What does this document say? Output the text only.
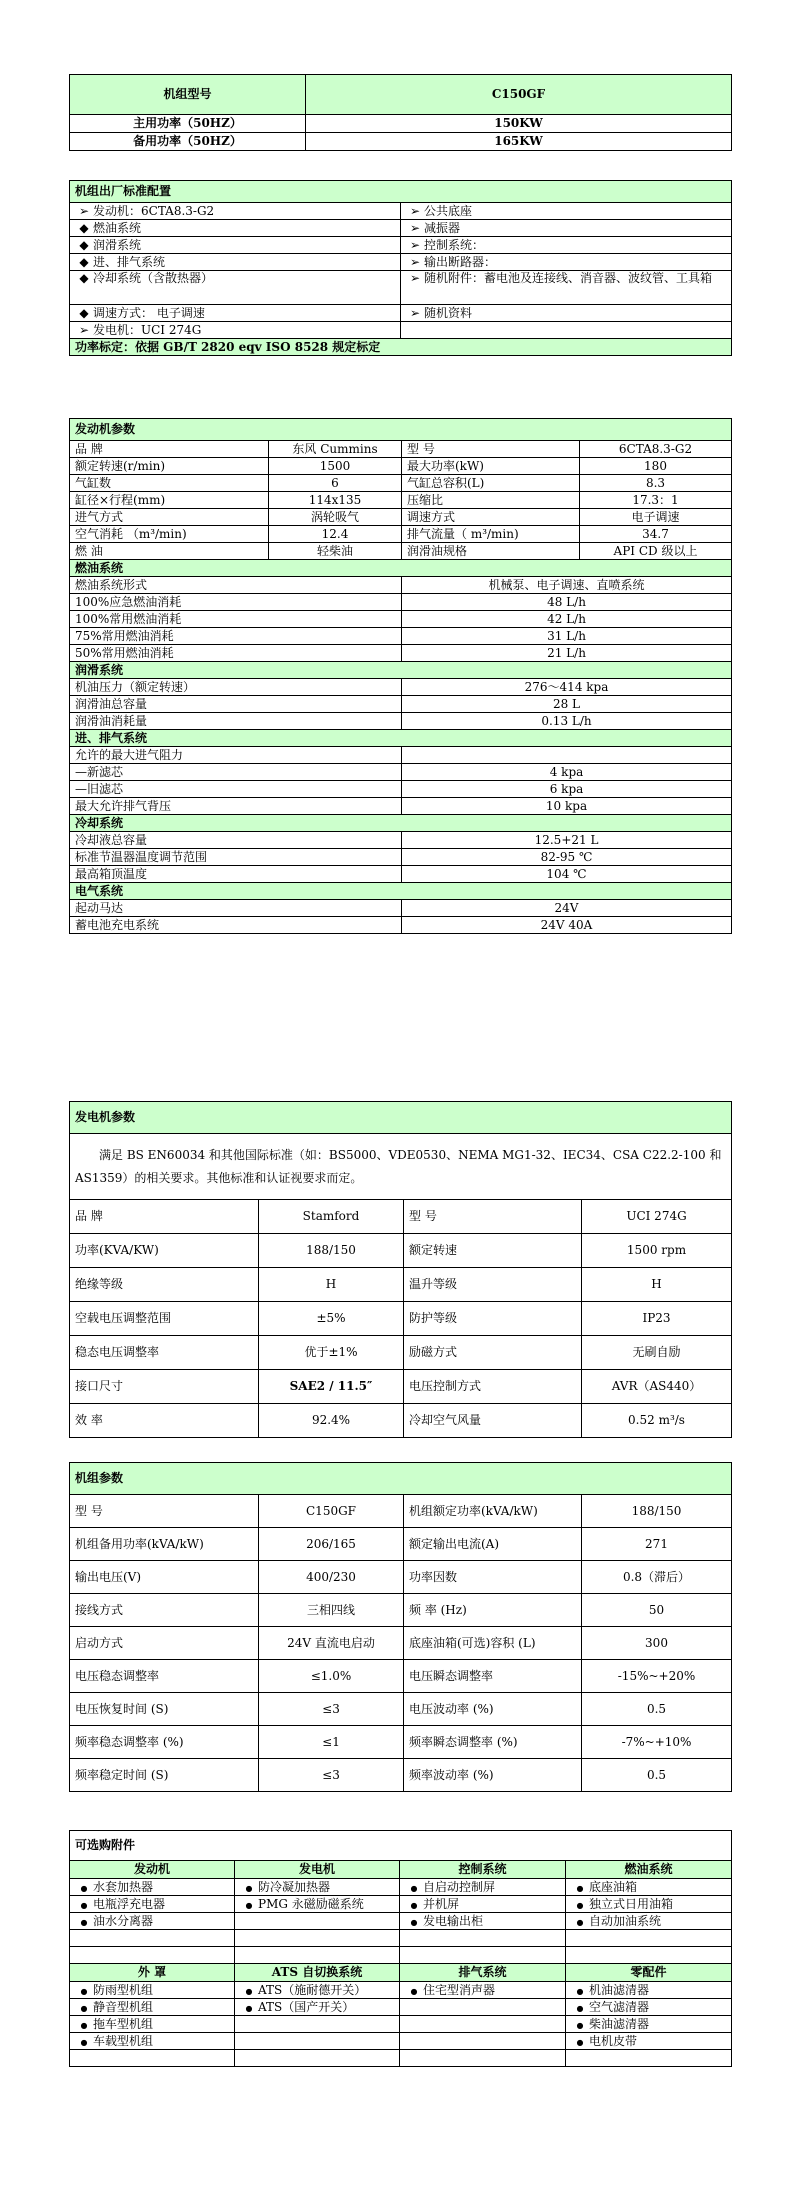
机组型号	C150GF
主用功率（50HZ）	150KW
备用功率（50HZ）	165KW
机组出厂标准配置	
➢ 发动机：6CTA8.3-G2	➢ 公共底座
◆ 燃油系统	➢ 减振器
◆ 润滑系统	➢ 控制系统：
◆ 进、排气系统	➢ 输出断路器：
◆ 冷却系统（含散热器）	➢ 随机附件：蓄电池及连接线、消音器、波纹管、工具箱
◆ 调速方式： 电子调速	➢ 随机资料
➢ 发电机：UCI 274G	
功率标定：依据 GB/T 2820 eqv ISO 8528 规定标定	
发动机参数			
品 牌	东风 Cummins	型 号	6CTA8.3-G2
额定转速(r/min)	1500	最大功率(kW)	180
气缸数	6	气缸总容积(L)	8.3
缸径×行程(mm)	114x135	压缩比	17.3：1
进气方式	涡轮吸气	调速方式	电子调速
空气消耗 （m³/min)	12.4	排气流量（ m³/min)	34.7
燃 油	轻柴油	润滑油规格	API CD 级以上
燃油系统			
燃油系统形式		机械泵、电子调速、直喷系统	
100%应急燃油消耗		48 L/h	
100%常用燃油消耗		42 L/h	
75%常用燃油消耗		31 L/h	
50%常用燃油消耗		21 L/h	
润滑系统			
机油压力（额定转速）		276～414 kpa	
润滑油总容量		28 L	
润滑油消耗量		0.13 L/h	
进、排气系统			
允许的最大进气阻力			
—新滤芯		4 kpa	
—旧滤芯		6 kpa	
最大允许排气背压		10 kpa	
冷却系统			
冷却液总容量		12.5+21 L	
标准节温器温度调节范围		82-95 ℃	
最高箱顶温度		104 ℃	
电气系统			
起动马达		24V	
蓄电池充电系统		24V 40A	
发电机参数			
满足 BS EN60034 和其他国际标准（如：BS5000、VDE0530、NEMA MG1-32、IEC34、CSA C22.2-100 和 AS1359）的相关要求。其他标准和认证视要求而定。			
品 牌	Stamford	型 号	UCI 274G
功率(KVA/KW)	188/150	额定转速	1500 rpm
绝缘等级	H	温升等级	H
空载电压调整范围	±5%	防护等级	IP23
稳态电压调整率	优于±1%	励磁方式	无刷自励
接口尺寸	SAE2 / 11.5″	电压控制方式	AVR（AS440）
效 率	92.4%	冷却空气风量	0.52 m³/s
机组参数			
型 号	C150GF	机组额定功率(kVA/kW)	188/150
机组备用功率(kVA/kW)	206/165	额定输出电流(A)	271
输出电压(V)	400/230	功率因数	0.8（滞后）
接线方式	三相四线	频 率 (Hz)	50
启动方式	24V 直流电启动	底座油箱(可选)容积 (L)	300
电压稳态调整率	≤1.0%	电压瞬态调整率	-15%~+20%
电压恢复时间 (S)	≤3	电压波动率 (%)	0.5
频率稳态调整率 (%)	≤1	频率瞬态调整率 (%)	-7%~+10%
频率稳定时间 (S)	≤3	频率波动率 (%)	0.5
可选购附件			
发动机	发电机	控制系统	燃油系统
● 水套加热器	● 防冷凝加热器	● 自启动控制屏	● 底座油箱
● 电瓶浮充电器	● PMG 永磁励磁系统	● 并机屏	● 独立式日用油箱
● 油水分离器		● 发电输出柜	● 自动加油系统

外 罩	ATS 自切换系统	排气系统	零配件
● 防雨型机组	● ATS（施耐德开关）	● 住宅型消声器	● 机油滤清器
● 静音型机组	● ATS（国产开关）		● 空气滤清器
● 拖车型机组			● 柴油滤清器
● 车载型机组			● 电机皮带
